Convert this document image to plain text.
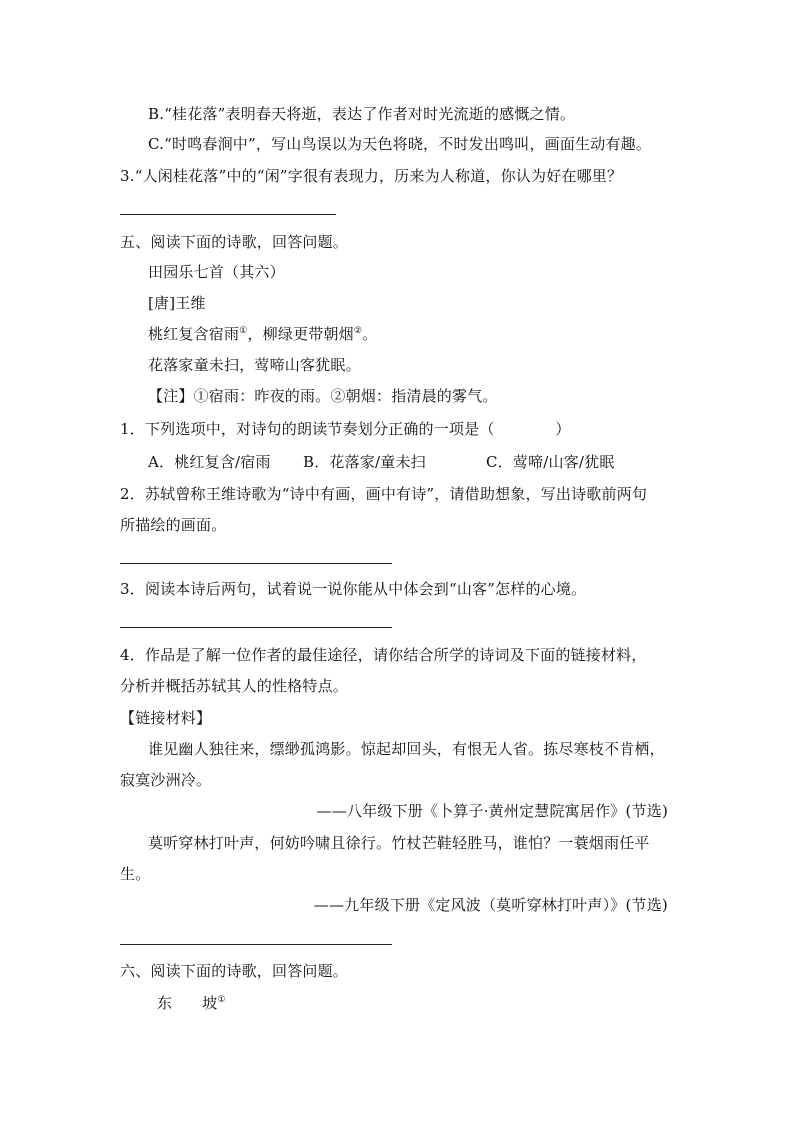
B.“桂花落”表明春天将逝，表达了作者对时光流逝的感慨之情。
C.“时鸣春涧中”，写山鸟误以为天色将晓，不时发出鸣叫，画面生动有趣。
3.“人闲桂花落”中的“闲”字很有表现力，历来为人称道，你认为好在哪里？
五、阅读下面的诗歌，回答问题。
田园乐七首（其六）
[唐]王维
桃红复含宿雨①，柳绿更带朝烟②。
花落家童未扫，莺啼山客犹眠。
【注】①宿雨：昨夜的雨。②朝烟：指清晨的雾气。
1．下列选项中，对诗句的朗读节奏划分正确的一项是（　　　　）
A．桃红复含/宿雨 B．花落家/童未扫	C．莺啼/山客/犹眠
2．苏轼曾称王维诗歌为“诗中有画，画中有诗”，请借助想象，写出诗歌前两句
所描绘的画面。
3．阅读本诗后两句，试着说一说你能从中体会到“山客”怎样的心境。
4．作品是了解一位作者的最佳途径，请你结合所学的诗词及下面的链接材料，
分析并概括苏轼其人的性格特点。
【链接材料】
谁见幽人独往来，缥缈孤鸿影。惊起却回头，有恨无人省。拣尽寒枝不肯栖，
寂寞沙洲冷。
——八年级下册《卜算子·黄州定慧院寓居作》(节选)
莫听穿林打叶声，何妨吟啸且徐行。竹杖芒鞋轻胜马，谁怕？一蓑烟雨任平
生。
——九年级下册《定风波（莫听穿林打叶声）》(节选)
六、阅读下面的诗歌，回答问题。
东 坡①
